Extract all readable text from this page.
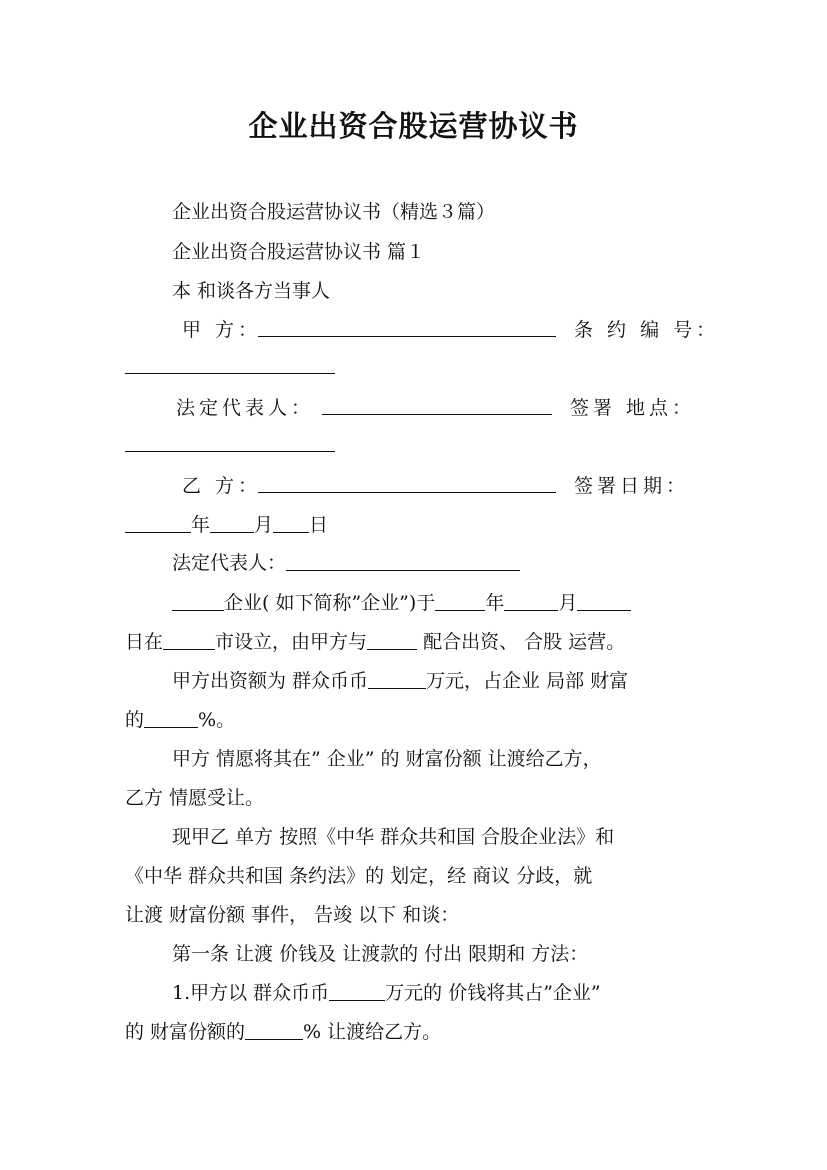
企业出资合股运营协议书
企业出资合股运营协议书（精选３篇）
企业出资合股运营协议书 篇１
本 和谈各方当事人
甲 方：	条 约 编 号：
法定代表人：	签署 地点：
乙 方：	签署日期：
年 月 日
法定代表人：
企业( 如下简称”企业”)于	年	月
日在	市设立，由甲方与	配合出资、 合股 运营。
甲方出资额为 群众币币	万元，占企业 局部 财富
的	%。
甲方 情愿将其在” 企业” 的 财富份额 让渡给乙方，
乙方 情愿受让。
现甲乙 单方 按照《中华 群众共和国 合股企业法》和
《中华 群众共和国 条约法》的 划定，经 商议 分歧，就
让渡 财富份额 事件， 告竣 以下 和谈：
第一条 让渡 价钱及 让渡款的 付出 限期和 方法：
1.甲方以 群众币币	万元的 价钱将其占”企业”
的 财富份额的	% 让渡给乙方。
